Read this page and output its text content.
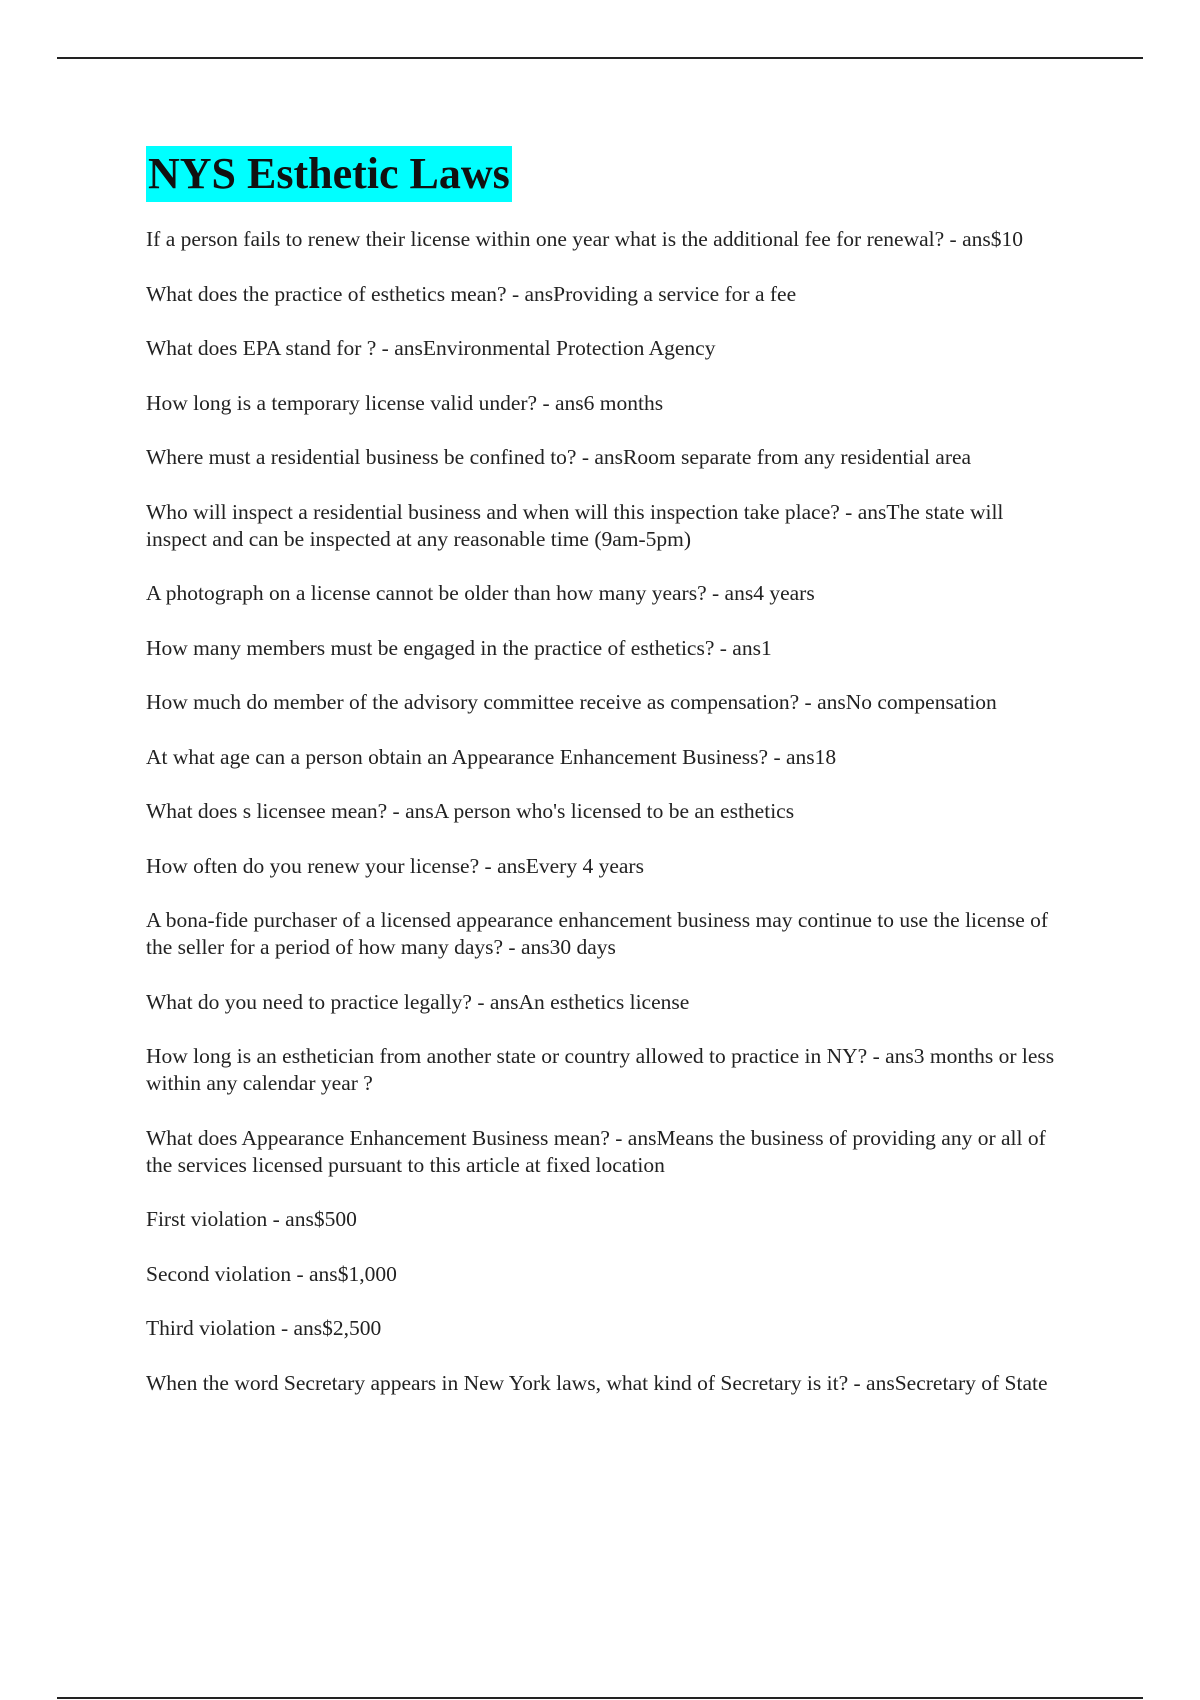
NYS Esthetic Laws
If a person fails to renew their license within one year what is the additional fee for renewal? - ans$10
What does the practice of esthetics mean? - ansProviding a service for a fee
What does EPA stand for ? - ansEnvironmental Protection Agency
How long is a temporary license valid under? - ans6 months
Where must a residential business be confined to? - ansRoom separate from any residential area
Who will inspect a residential business and when will this inspection take place? - ansThe state will inspect and can be inspected at any reasonable time (9am-5pm)
A photograph on a license cannot be older than how many years? - ans4 years
How many members must be engaged in the practice of esthetics? - ans1
How much do member of the advisory committee receive as compensation? - ansNo compensation
At what age can a person obtain an Appearance Enhancement Business? - ans18
What does s licensee mean? - ansA person who's licensed to be an esthetics
How often do you renew your license? - ansEvery 4 years
A bona-fide purchaser of a licensed appearance enhancement business may continue to use the license of the seller for a period of how many days? - ans30 days
What do you need to practice legally? - ansAn esthetics license
How long is an esthetician from another state or country allowed to practice in NY? - ans3 months or less within any calendar year ?
What does Appearance Enhancement Business mean? - ansMeans the business of providing any or all of the services licensed pursuant to this article at fixed location
First violation - ans$500
Second violation - ans$1,000
Third violation - ans$2,500
When the word Secretary appears in New York laws, what kind of Secretary is it? - ansSecretary of State
